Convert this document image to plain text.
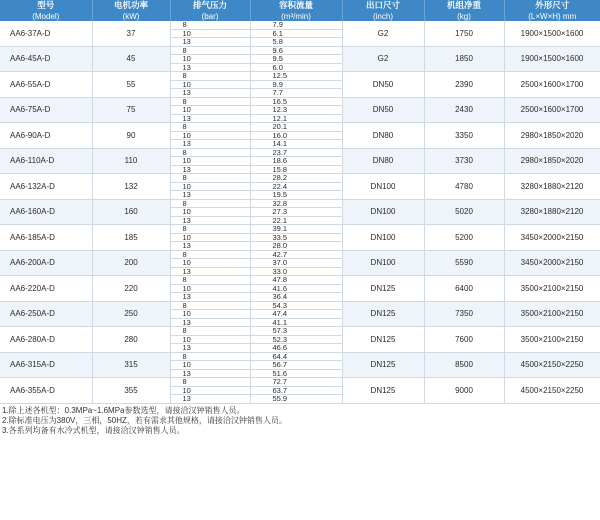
型号	电机功率	排气压力	容积流量	出口尺寸	机组净重	外形尺寸
(Model)	(kW)	(bar)	(m³/min)	(inch)	(kg)	(L×W×H) mm
AA6-37A-D	37	8	7.9	G2	1750	1900×1500×1600
		10	6.1			
		13	5.8			
AA6-45A-D	45	8	9.6	G2	1850	1900×1500×1600
		10	9.5			
		13	6.0			
AA6-55A-D	55	8	12.5	DN50	2390	2500×1600×1700
		10	9.9			
		13	7.7			
AA6-75A-D	75	8	16.5	DN50	2430	2500×1600×1700
		10	12.3			
		13	12.1			
AA6-90A-D	90	8	20.1	DN80	3350	2980×1850×2020
		10	16.0			
		13	14.1			
AA6-110A-D	110	8	23.7	DN80	3730	2980×1850×2020
		10	18.6			
		13	15.8			
AA6-132A-D	132	8	28.2	DN100	4780	3280×1880×2120
		10	22.4			
		13	19.5			
AA6-160A-D	160	8	32.8	DN100	5020	3280×1880×2120
		10	27.3			
		13	22.1			
AA6-185A-D	185	8	39.1	DN100	5200	3450×2000×2150
		10	33.5			
		13	28.0			
AA6-200A-D	200	8	42.7	DN100	5590	3450×2000×2150
		10	37.0			
		13	33.0			
AA6-220A-D	220	8	47.8	DN125	6400	3500×2100×2150
		10	41.6			
		13	36.4			
AA6-250A-D	250	8	54.3	DN125	7350	3500×2100×2150
		10	47.4			
		13	41.1			
AA6-280A-D	280	8	57.3	DN125	7600	3500×2100×2150
		10	52.3			
		13	46.6			
AA6-315A-D	315	8	64.4	DN125	8500	4500×2150×2250
		10	56.7			
		13	51.6			
AA6-355A-D	355	8	72.7	DN125	9000	4500×2150×2250
		10	63.7			
		13	55.9			
1.除上述各机型：0.3MPa~1.6MPa参数选型，请接洽汉钟销售人员。
2.除标准电压为380V，三相，50HZ，若有需求其他规格，请接洽汉钟销售人员。
3.各系列均备有水冷式机型，请接洽汉钟销售人员。
